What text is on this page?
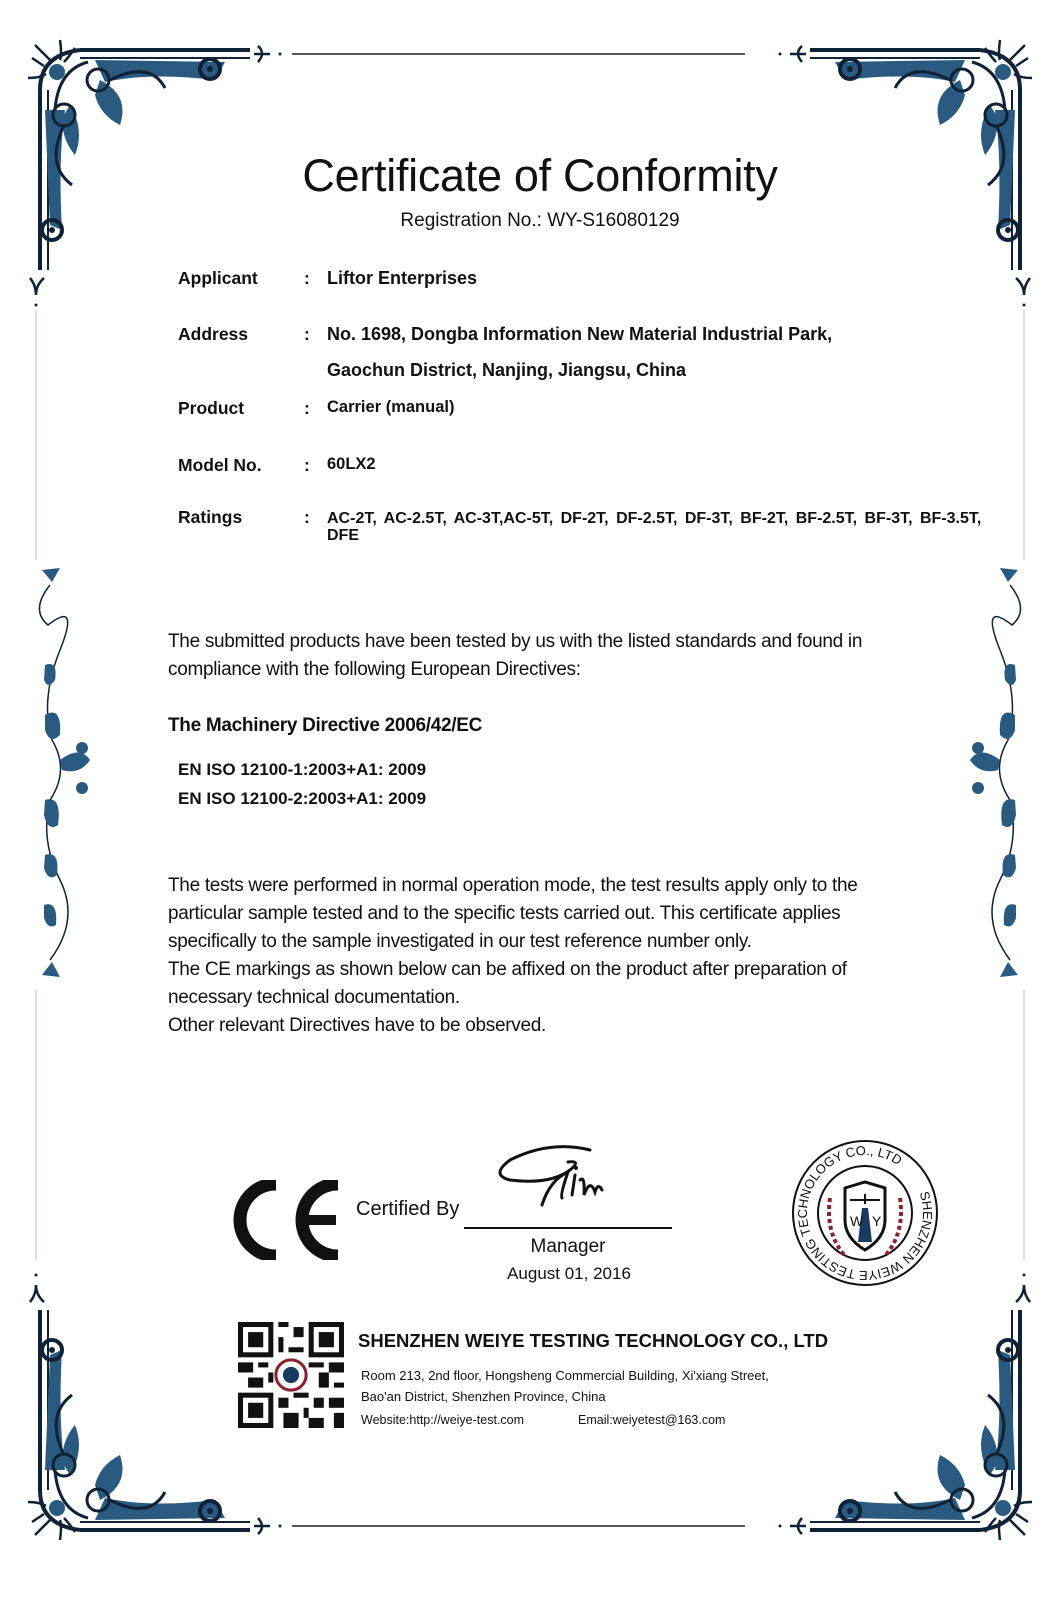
Certificate of Conformity
Registration No.: WY-S16080129
Applicant	: Liftor Enterprises
Address	: No. 1698, Dongba Information New Material Industrial Park,
Gaochun District, Nanjing, Jiangsu, China
Product	: Carrier (manual)
Model No. : 60LX2
Ratings	: AC-2T, AC-2.5T, AC-3T,AC-5T, DF-2T, DF-2.5T, DF-3T, BF-2T, BF-2.5T, BF-3T, BF-3.5T, DFE
The submitted products have been tested by us with the listed standards and found in compliance with the following European Directives:
The Machinery Directive 2006/42/EC
EN ISO 12100-1:2003+A1: 2009
EN ISO 12100-2:2003+A1: 2009
The tests were performed in normal operation mode, the test results apply only to the particular sample tested and to the specific tests carried out. This certificate applies specifically to the sample investigated in our test reference number only.
The CE markings as shown below can be affixed on the product after preparation of necessary technical documentation.
Other relevant Directives have to be observed.
Certified By
Manager
August 01, 2016
SHENZHEN WEIYE TESTING TECHNOLOGY CO., LTD
W Y
SHENZHEN WEIYE TESTING TECHNOLOGY CO., LTD
Room 213, 2nd floor, Hongsheng Commercial Building, Xi'xiang Street,
Bao'an District, Shenzhen Province, China
Website:http://weiye-test.com	Email:weiyetest@163.com
